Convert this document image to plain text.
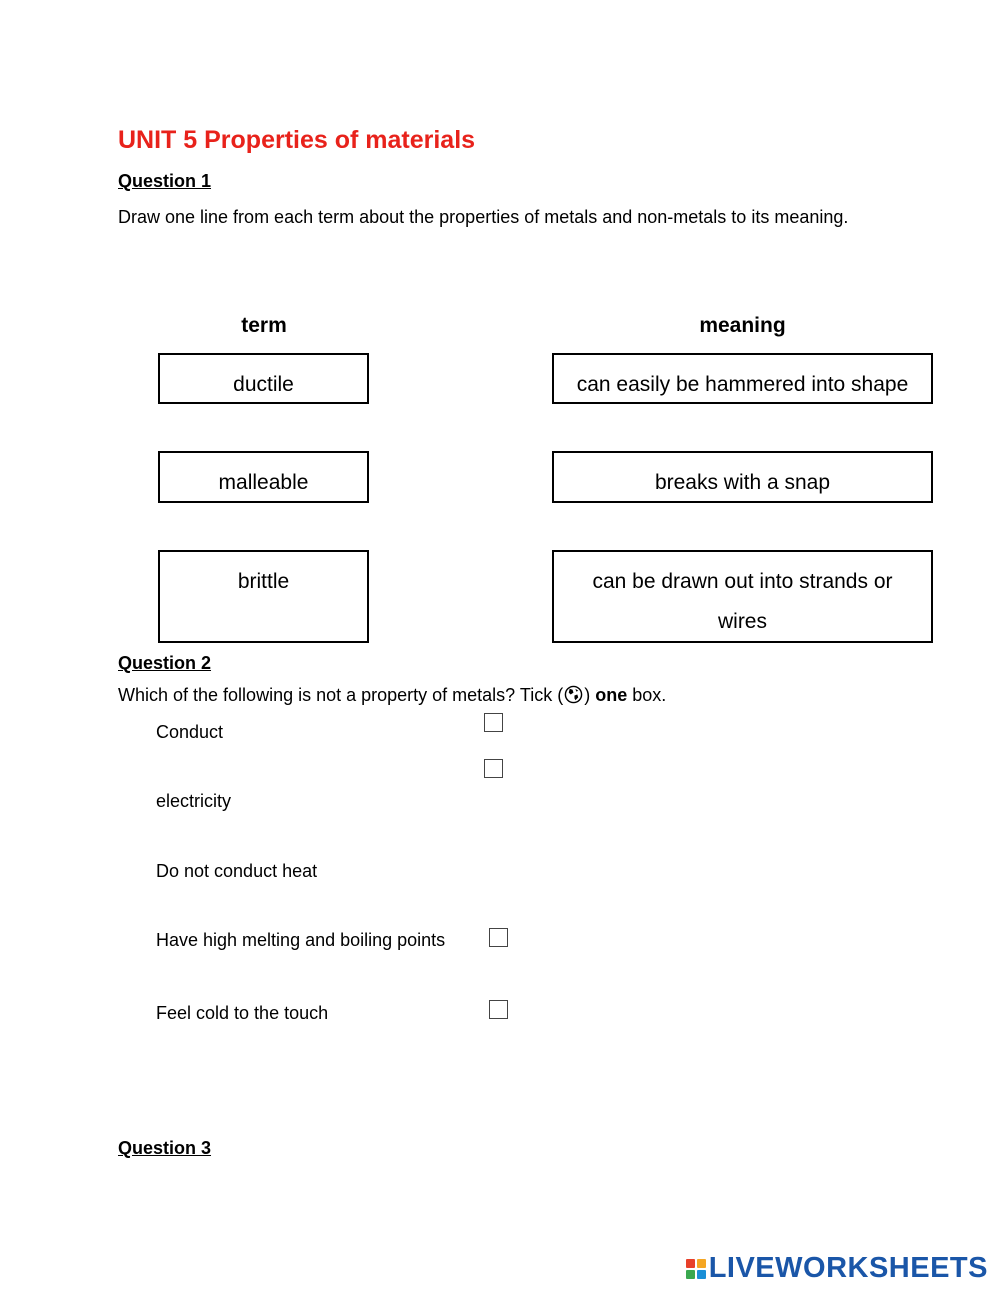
UNIT 5 Properties of materials
Question 1
Draw one line from each term about the properties of metals and non-metals to its meaning.
term	meaning
ductile
malleable
brittle
can easily be hammered into shape
breaks with a snap
can be drawn out into strands or wires
Question 2
Which of the following is not a property of metals? Tick ( ) one box.
Conduct
electricity
Do not conduct heat
Have high melting and boiling points
Feel cold to the touch
Question 3
LIVEWORKSHEETS
